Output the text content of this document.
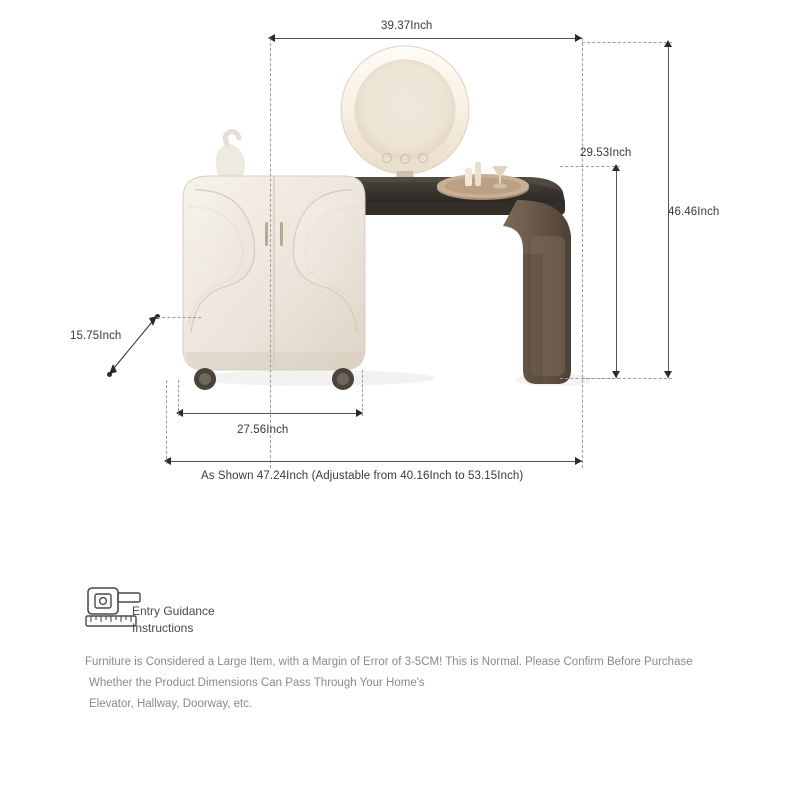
39.37Inch
46.46Inch
29.53Inch
15.75Inch
27.56Inch
As Shown 47.24Inch (Adjustable from 40.16Inch to 53.15Inch)
Entry Guidance
Instructions
Furniture is Considered a Large Item, with a Margin of Error of 3-5CM! This is Normal. Please Confirm Before Purchase
Whether the Product Dimensions Can Pass Through Your Home's
Elevator, Hallway, Doorway, etc.
